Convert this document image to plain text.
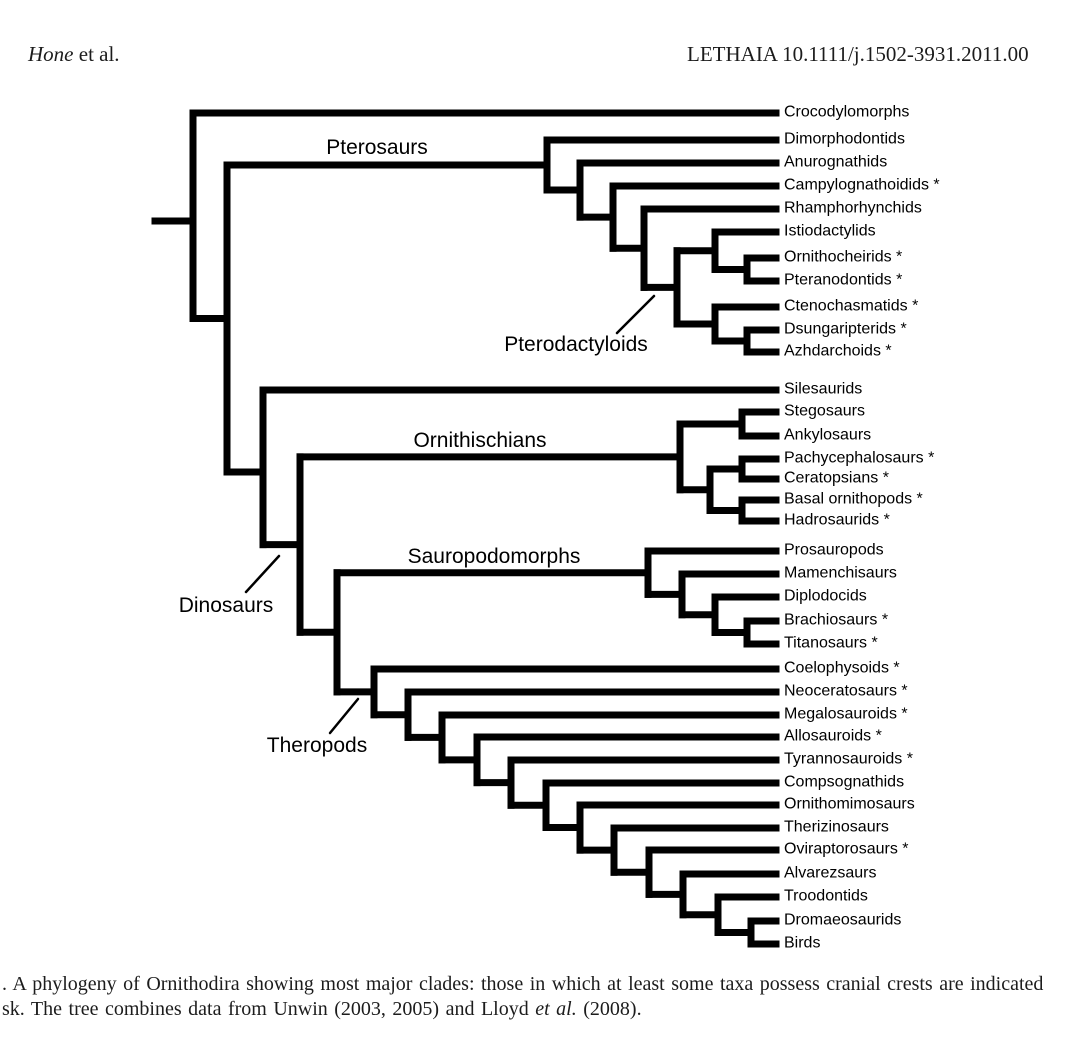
Hone et al.	LETHAIA 10.1111/j.1502-3931.2011.00
Crocodylomorphs
Dimorphodontids
Anurognathids
Campylognathoidids *
Rhamphorhynchids
Istiodactylids
Ornithocheirids *
Pteranodontids *
Ctenochasmatids *
Dsungaripterids *
Azhdarchoids *
Silesaurids
Stegosaurs
Ankylosaurs
Pachycephalosaurs *
Ceratopsians *
Basal ornithopods *
Hadrosaurids *
Prosauropods
Mamenchisaurs
Diplodocids
Brachiosaurs *
Titanosaurs *
Coelophysoids *
Neoceratosaurs *
Megalosauroids *
Allosauroids *
Tyrannosauroids *
Compsognathids
Ornithomimosaurs
Therizinosaurs
Oviraptorosaurs *
Alvarezsaurs
Troodontids
Dromaeosaurids
Birds
Pterosaurs
Pterodactyloids
Ornithischians
Sauropodomorphs
Dinosaurs
Theropods
. A phylogeny of Ornithodira showing most major clades: those in which at least some taxa possess cranial crests are indicated
sk. The tree combines data from Unwin (2003, 2005) and Lloyd et al. (2008).
